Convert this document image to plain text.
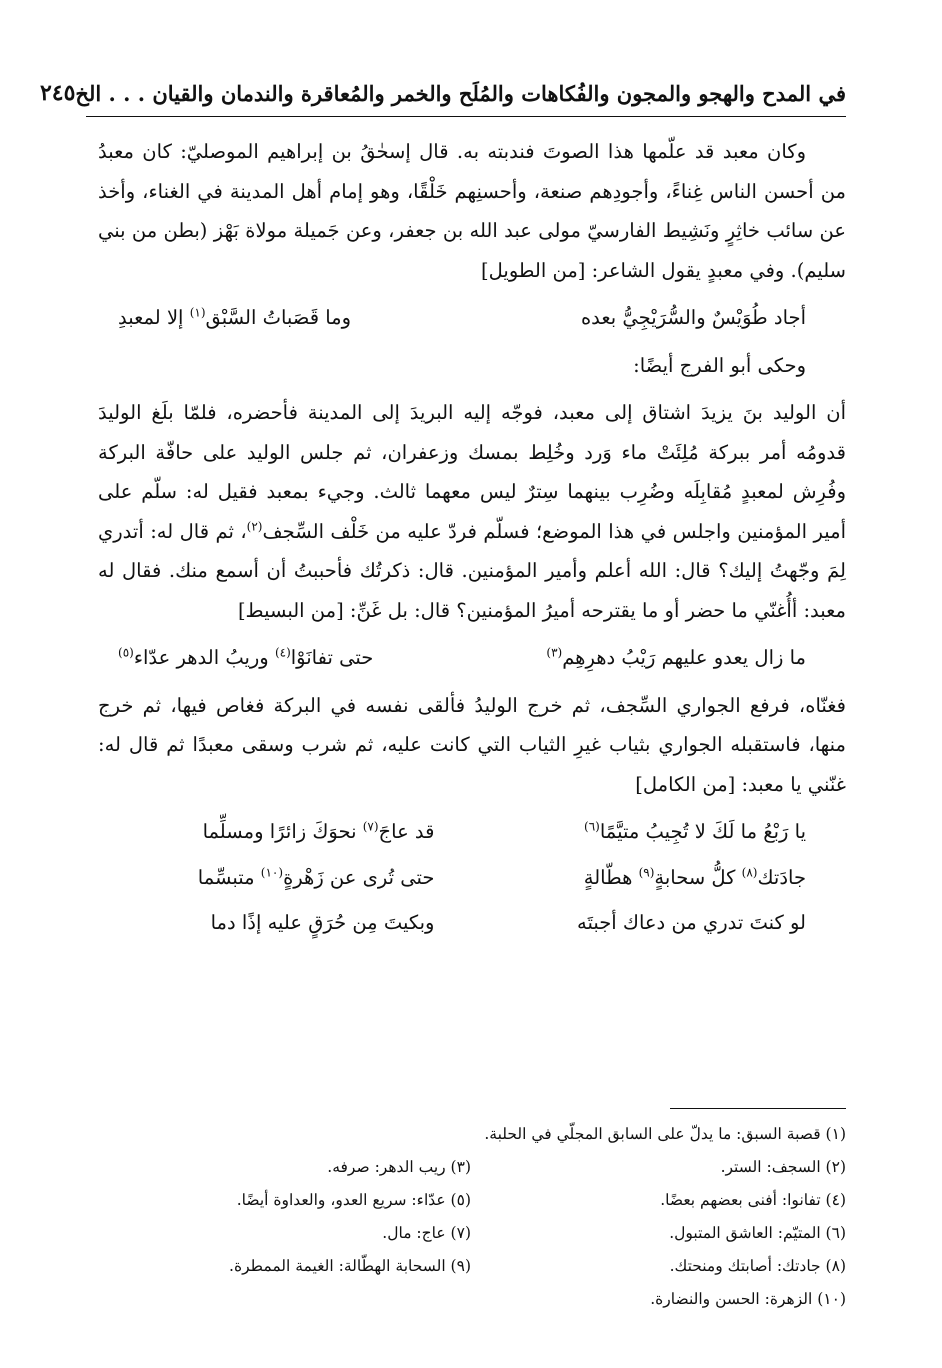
في المدح والهجو والمجون والفُكاهات والمُلَح والخمر والمُعاقرة والندمان والقيان . . . الخ
٢٤٥

وكان معبد قد علّمها هذا الصوتَ فندبته به. قال إسحٰقُ بن إبراهيم الموصليّ: كان معبدُ من أحسن الناس غِناءً، وأجودِهم صنعة، وأحسنِهم خَلْقًا، وهو إمام أهل المدينة في الغناء، وأخذ عن سائب خاثِرٍ ونَشِيط الفارسيّ مولى عبد الله بن جعفر، وعن جَميلة مولاة بَهْز (بطن من بني سليم). وفي معبدٍ يقول الشاعر: [من الطويل]

أجاد طُوَيْسٌ والسُّرَيْجِيُّ بعده
وما قَصَباتُ السَّبْق$^{(١)}$ إلا لمعبدِ

وحكى أبو الفرج أيضًا:

أن الوليد بنَ يزيدَ اشتاق إلى معبد، فوجّه إليه البريدَ إلى المدينة فأحضره، فلمّا بلَغ الوليدَ قدومُه أمر ببركة مُلِئَتْ ماء وَرد وخُلِط بمسك وزعفران، ثم جلس الوليد على حافّة البركة وفُرِش لمعبدٍ مُقابِلَه وضُرِب بينهما سِترٌ ليس معهما ثالث. وجيء بمعبد فقيل له: سلّم على أمير المؤمنين واجلس في هذا الموضع؛ فسلّم فردّ عليه من خَلْف السِّجف$^{(٢)}$، ثم قال له: أتدري لِمَ وجّهتُ إليك؟ قال: الله أعلم وأمير المؤمنين. قال: ذكرتُك فأحببتُ أن أسمع منك. فقال له معبد: أأُغنّي ما حضر أو ما يقترحه أميرُ المؤمنين؟ قال: بل غَنِّ: [من البسيط]

ما زال يعدو عليهم رَيْبُ دهرِهِم$^{(٣)}$
حتى تفانَوْا$^{(٤)}$ وريبُ الدهر عدّاء$^{(٥)}$

فغنّاه، فرفع الجواري السِّجف، ثم خرج الوليدُ فألقى نفسه في البركة فغاص فيها، ثم خرج منها، فاستقبله الجواري بثياب غيرِ الثياب التي كانت عليه، ثم شرب وسقى معبدًا ثم قال له: غنّني يا معبد: [من الكامل]

يا رَبْعُ ما لَكَ لا تُجِيبُ متيَّمًا$^{(٦)}$
قد عاجَ$^{(٧)}$ نحوَكَ زائرًا ومسلِّما
جادَتك$^{(٨)}$ كلُّ سحابةٍ$^{(٩)}$ هطّالةٍ
حتى تُرى عن زَهْرةٍ$^{(١٠)}$ متبسِّما
لو كنتَ تدري من دعاك أجبتَه
وبكيتَ مِن حُرَقٍ عليه إذًا دما
(١) قصبة السبق: ما يدلّ على السابق المجلّي في الحلبة.
(٢) السجف: الستر.
(٣) ريب الدهر: صرفه.
(٤) تفانوا: أفنى بعضهم بعضًا.
(٥) عدّاء: سريع العدو، والعداوة أيضًا.
(٦) المتيّم: العاشق المتبول.
(٧) عاج: مال.
(٨) جادتك: أصابتك ومنحتك.
(٩) السحابة الهطّالة: الغيمة الممطرة.
(١٠) الزهرة: الحسن والنضارة.
